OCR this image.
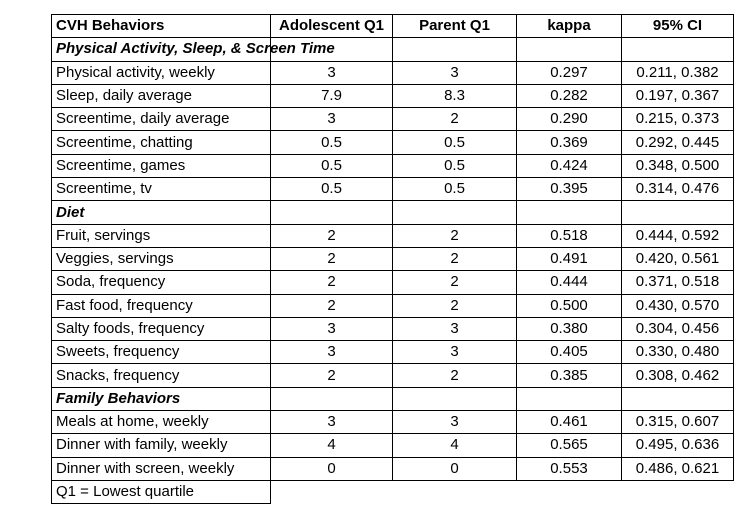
CVH Behaviors	Adolescent Q1	Parent Q1	kappa	95% CI
Physical Activity, Sleep, & Screen Time				
Physical activity, weekly	3	3	0.297	0.211, 0.382
Sleep, daily average	7.9	8.3	0.282	0.197, 0.367
Screentime, daily average	3	2	0.290	0.215, 0.373
Screentime, chatting	0.5	0.5	0.369	0.292, 0.445
Screentime, games	0.5	0.5	0.424	0.348, 0.500
Screentime, tv	0.5	0.5	0.395	0.314, 0.476
Diet				
Fruit, servings	2	2	0.518	0.444, 0.592
Veggies, servings	2	2	0.491	0.420, 0.561
Soda, frequency	2	2	0.444	0.371, 0.518
Fast food, frequency	2	2	0.500	0.430, 0.570
Salty foods, frequency	3	3	0.380	0.304, 0.456
Sweets, frequency	3	3	0.405	0.330, 0.480
Snacks, frequency	2	2	0.385	0.308, 0.462
Family Behaviors				
Meals at home, weekly	3	3	0.461	0.315, 0.607
Dinner with family, weekly	4	4	0.565	0.495, 0.636
Dinner with screen, weekly	0	0	0.553	0.486, 0.621
Q1 = Lowest quartile				
